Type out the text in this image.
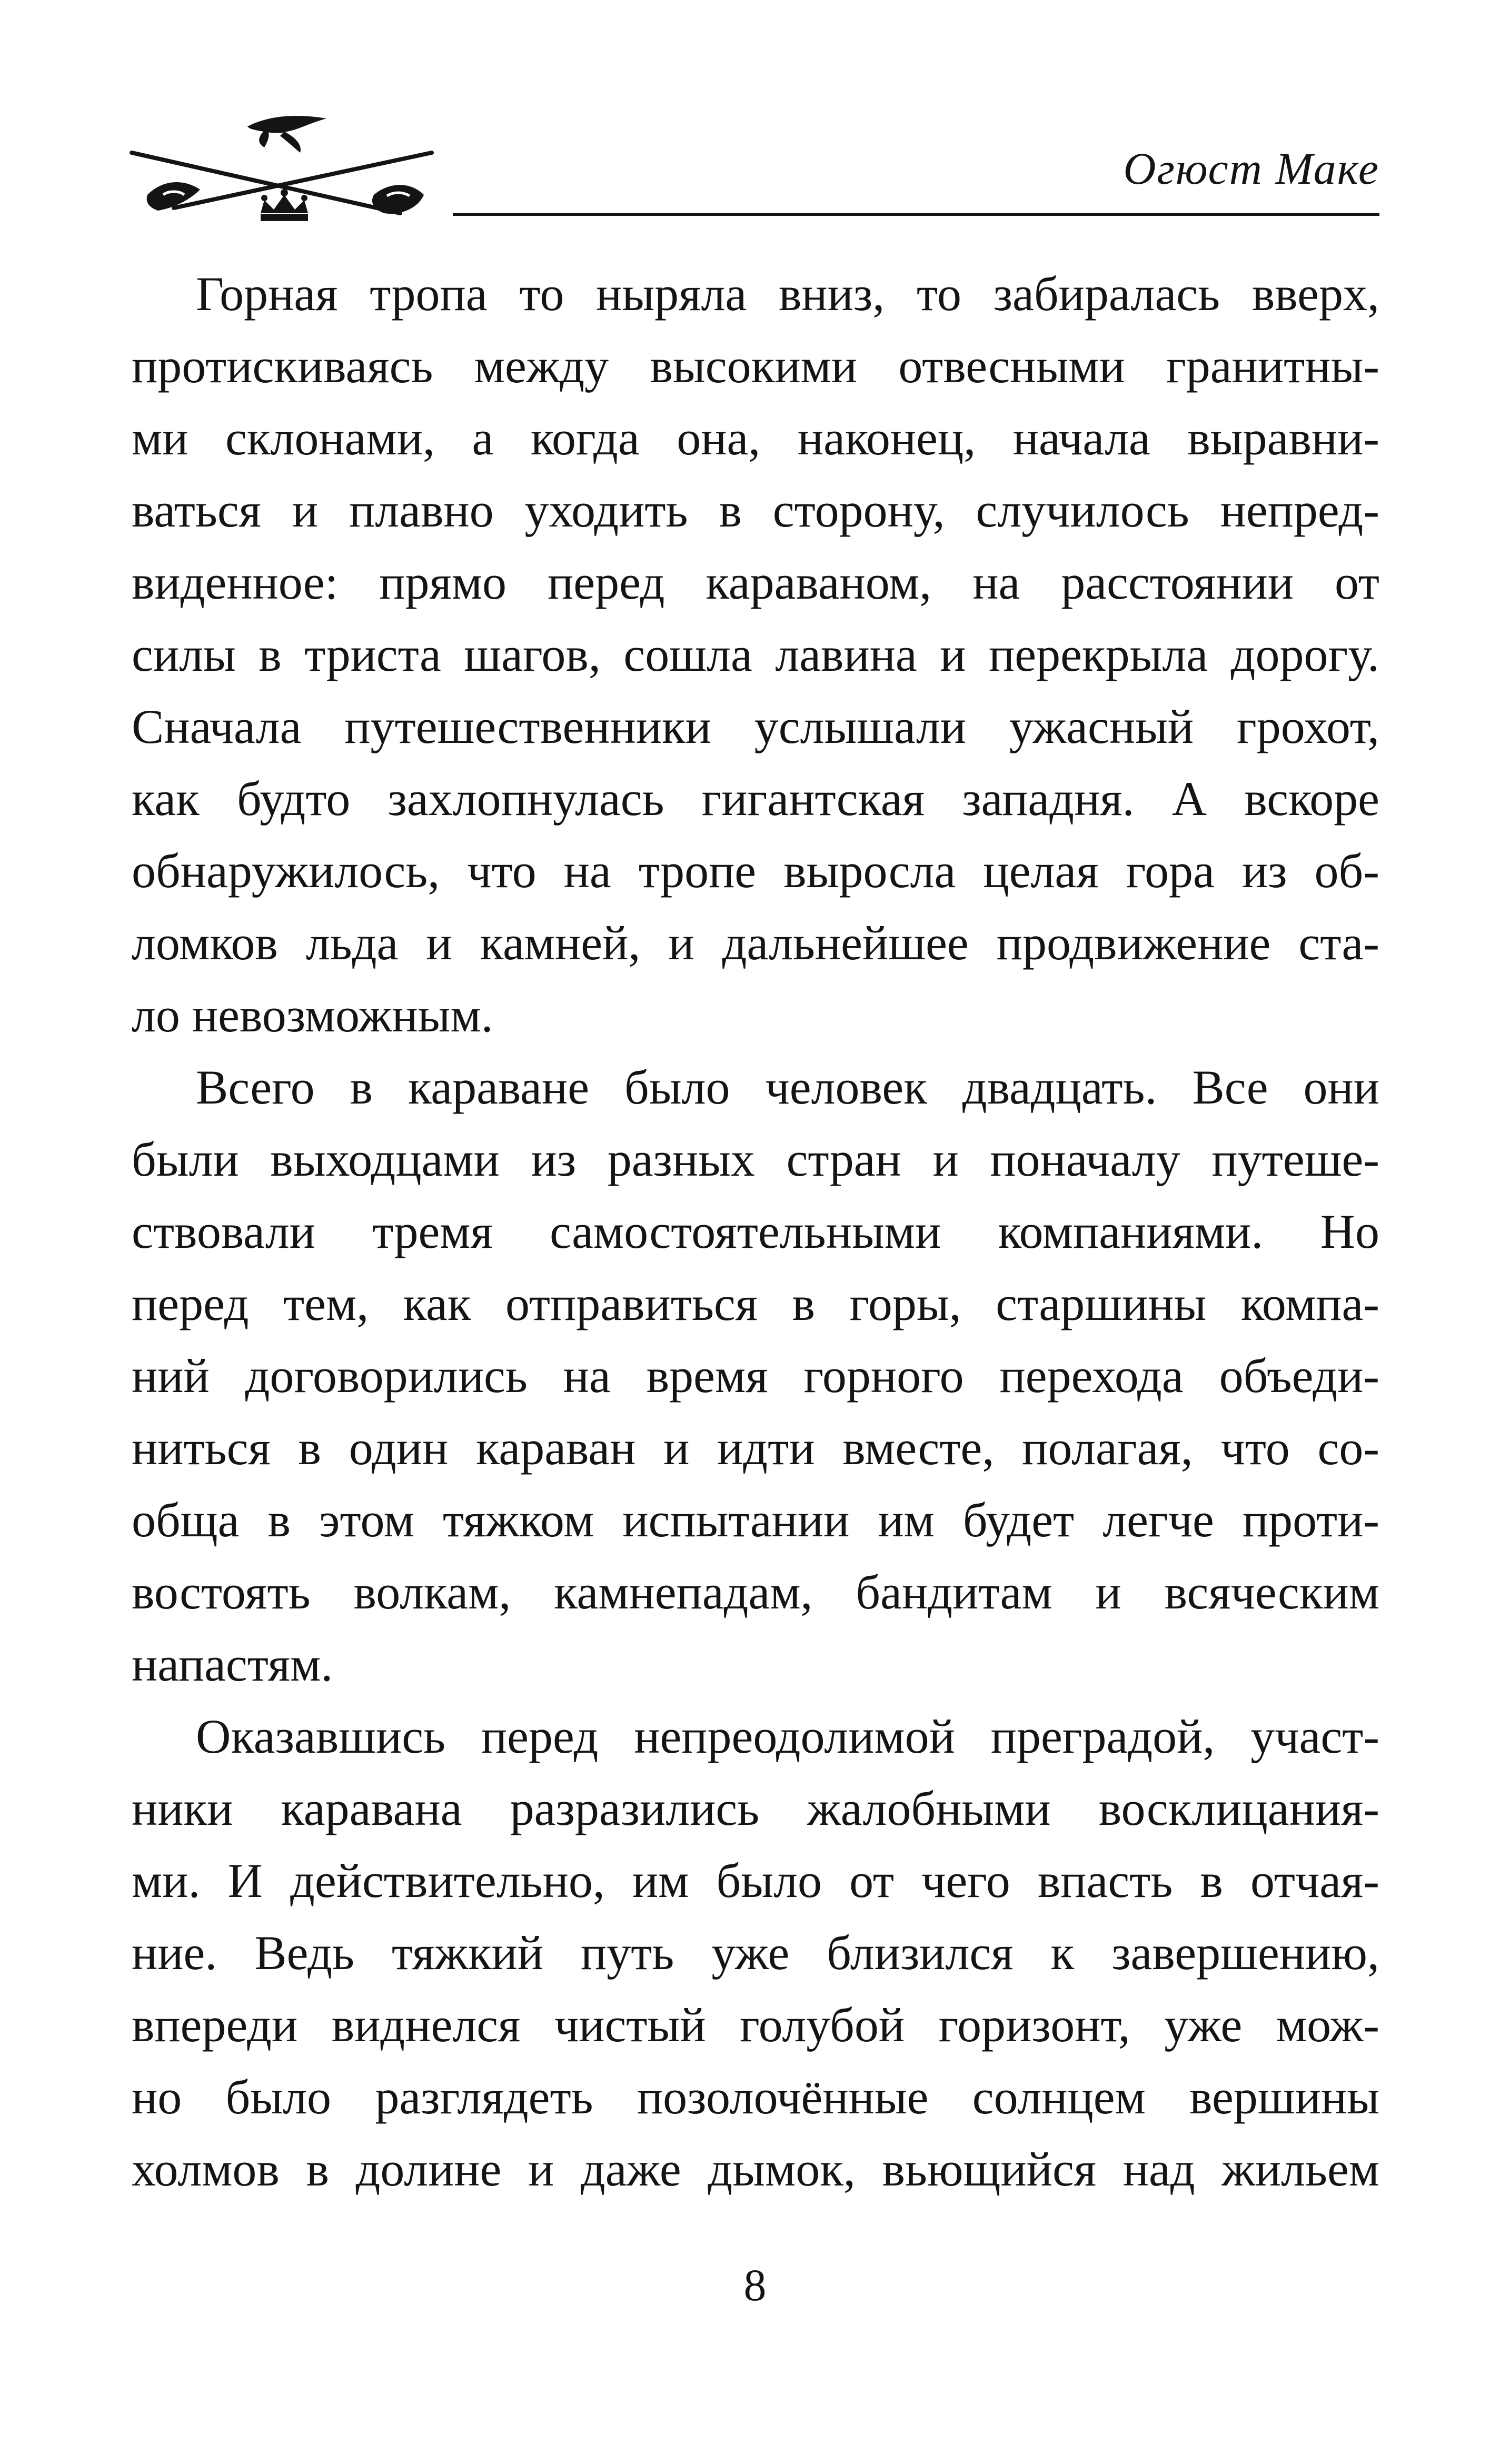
Огюст Маке
Горная тропа то ныряла вниз, то забиралась вверх,
протискиваясь между высокими отвесными гранитны-
ми склонами, а когда она, наконец, начала выравни-
ваться и плавно уходить в сторону, случилось непред-
виденное: прямо перед караваном, на расстоянии от
силы в триста шагов, сошла лавина и перекрыла дорогу.
Сначала путешественники услышали ужасный грохот,
как будто захлопнулась гигантская западня. А вскоре
обнаружилось, что на тропе выросла целая гора из об-
ломков льда и камней, и дальнейшее продвижение ста-
ло невозможным.
Всего в караване было человек двадцать. Все они
были выходцами из разных стран и поначалу путеше-
ствовали тремя самостоятельными компаниями. Но
перед тем, как отправиться в горы, старшины компа-
ний договорились на время горного перехода объеди-
ниться в один караван и идти вместе, полагая, что со-
обща в этом тяжком испытании им будет легче проти-
востоять волкам, камнепадам, бандитам и всяческим
напастям.
Оказавшись перед непреодолимой преградой, участ-
ники каравана разразились жалобными восклицания-
ми. И действительно, им было от чего впасть в отчая-
ние. Ведь тяжкий путь уже близился к завершению,
впереди виднелся чистый голубой горизонт, уже мож-
но было разглядеть позолочённые солнцем вершины
холмов в долине и даже дымок, вьющийся над жильем
8
